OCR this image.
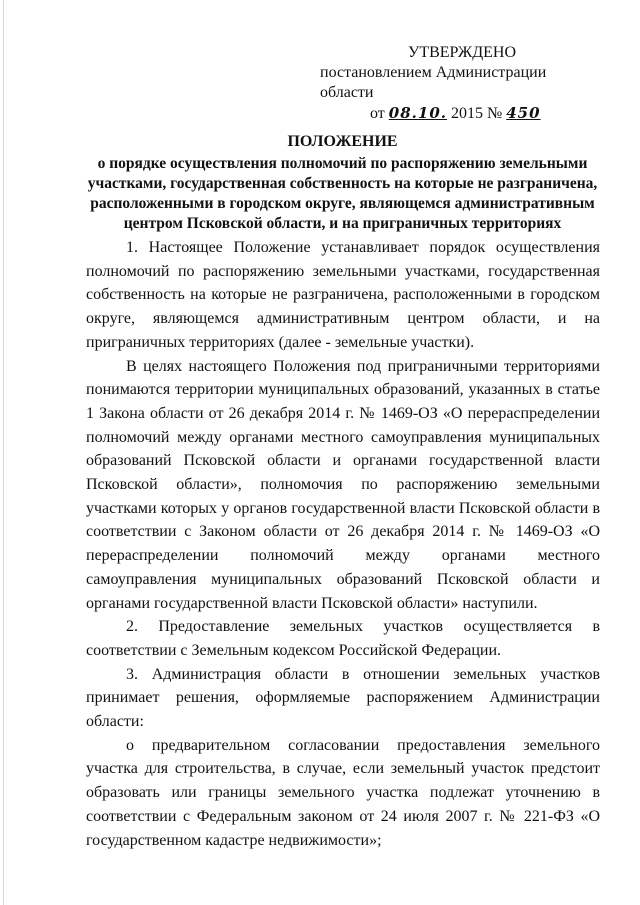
УТВЕРЖДЕНО
постановлением Администрации области
от 08.10. 2015 № 450
ПОЛОЖЕНИЕ

о порядке осуществления полномочий по распоряжению земельными участками, государственная собственность на которые не разграничена, расположенными в городском округе, являющемся административным центром Псковской области, и на приграничных территориях

1. Настоящее Положение устанавливает порядок осуществления полномочий по распоряжению земельными участками, государственная собственность на которые не разграничена, расположенными в городском округе, являющемся административным центром области, и на приграничных территориях (далее - земельные участки).

В целях настоящего Положения под приграничными территориями понимаются территории муниципальных образований, указанных в статье 1 Закона области от 26 декабря 2014 г. № 1469-ОЗ «О перераспределении полномочий между органами местного самоуправления муниципальных образований Псковской области и органами государственной власти Псковской области», полномочия по распоряжению земельными участками которых у органов государственной власти Псковской области в соответствии с Законом области от 26 декабря 2014 г. № 1469-ОЗ «О перераспределении полномочий между органами местного самоуправления муниципальных образований Псковской области и органами государственной власти Псковской области» наступили.

2. Предоставление земельных участков осуществляется в соответствии с Земельным кодексом Российской Федерации.

3. Администрация области в отношении земельных участков принимает решения, оформляемые распоряжением Администрации области:

о предварительном согласовании предоставления земельного участка для строительства, в случае, если земельный участок предстоит образовать или границы земельного участка подлежат уточнению в соответствии с Федеральным законом от 24 июля 2007 г. № 221-ФЗ «О государственном кадастре недвижимости»;
